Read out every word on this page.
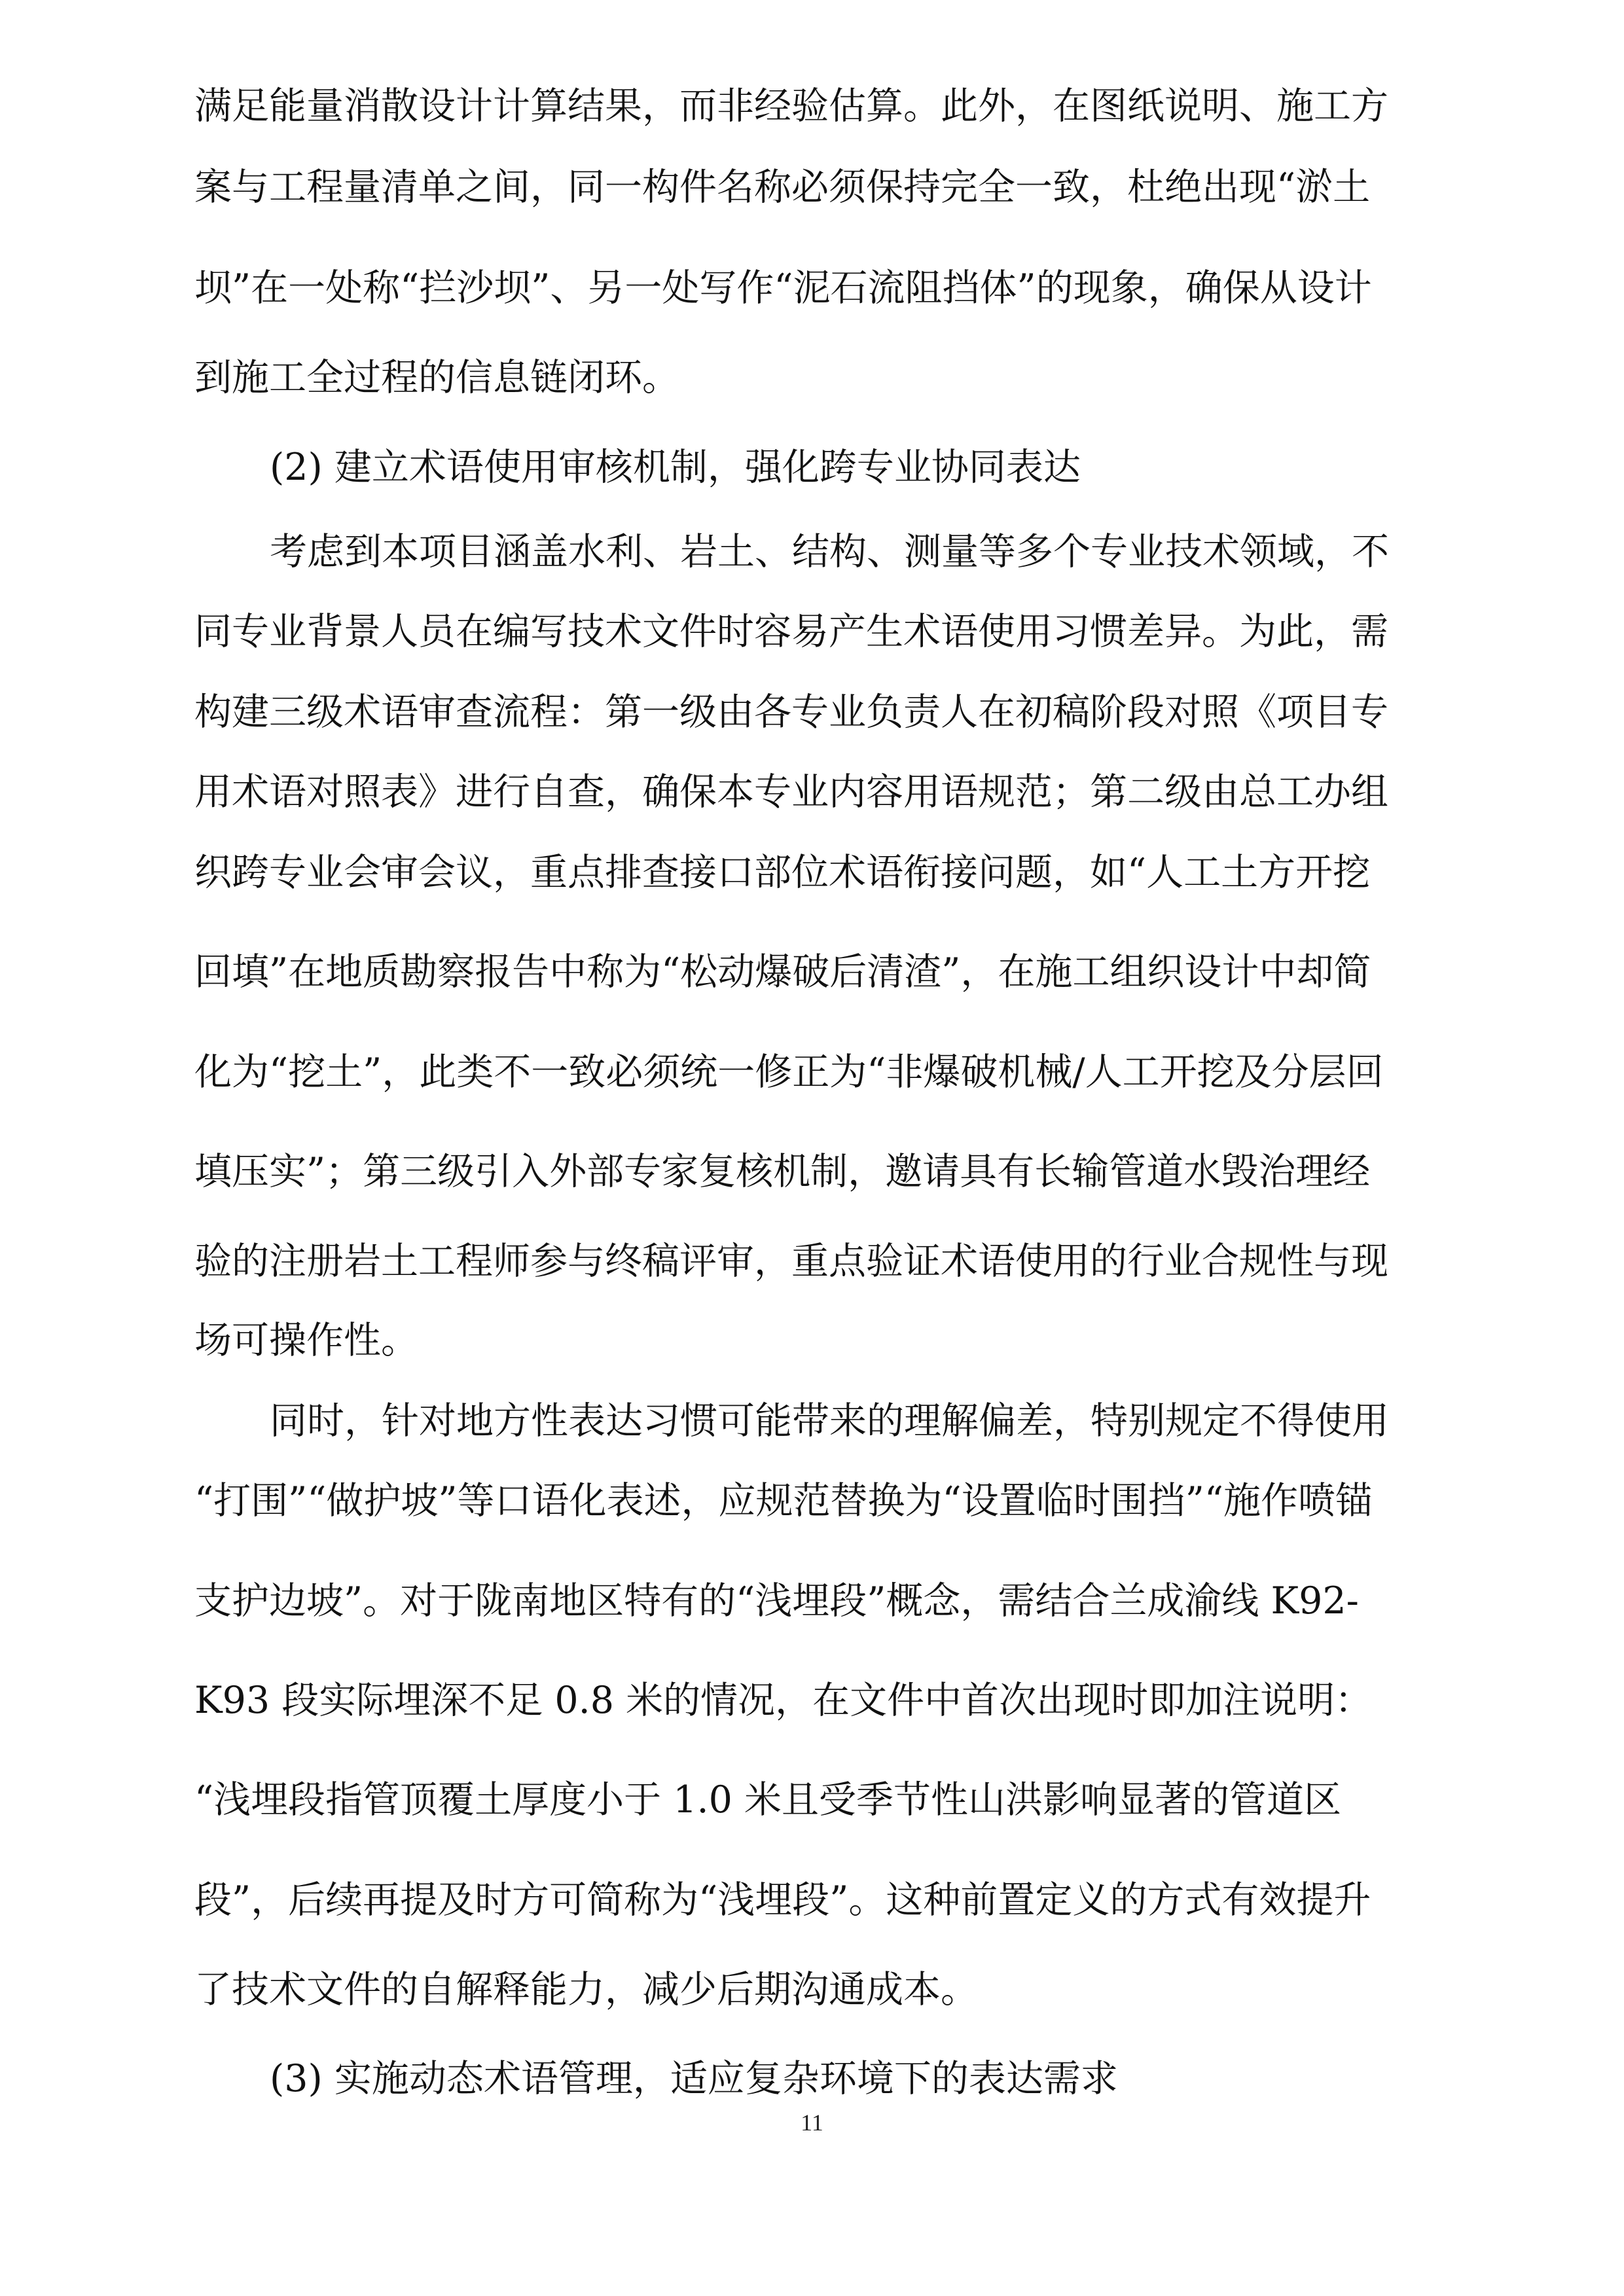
满足能量消散设计计算结果，而非经验估算。此外，在图纸说明、施工方

案与工程量清单之间，同一构件名称必须保持完全一致，杜绝出现“淤土

坝”在一处称“拦沙坝”、另一处写作“泥石流阻挡体”的现象，确保从设计

到施工全过程的信息链闭环。

(2) 建立术语使用审核机制，强化跨专业协同表达

考虑到本项目涵盖水利、岩土、结构、测量等多个专业技术领域，不

同专业背景人员在编写技术文件时容易产生术语使用习惯差异。为此，需

构建三级术语审查流程：第一级由各专业负责人在初稿阶段对照《项目专

用术语对照表》进行自查，确保本专业内容用语规范；第二级由总工办组

织跨专业会审会议，重点排查接口部位术语衔接问题，如“人工土方开挖

回填”在地质勘察报告中称为“松动爆破后清渣”，在施工组织设计中却简

化为“挖土”，此类不一致必须统一修正为“非爆破机械/人工开挖及分层回

填压实”；第三级引入外部专家复核机制，邀请具有长输管道水毁治理经

验的注册岩土工程师参与终稿评审，重点验证术语使用的行业合规性与现

场可操作性。

同时，针对地方性表达习惯可能带来的理解偏差，特别规定不得使用

“打围”“做护坡”等口语化表述，应规范替换为“设置临时围挡”“施作喷锚

支护边坡”。对于陇南地区特有的“浅埋段”概念，需结合兰成渝线 K92-

K93 段实际埋深不足 0.8 米的情况，在文件中首次出现时即加注说明：

“浅埋段指管顶覆土厚度小于 1.0 米且受季节性山洪影响显著的管道区

段”，后续再提及时方可简称为“浅埋段”。这种前置定义的方式有效提升

了技术文件的自解释能力，减少后期沟通成本。

(3) 实施动态术语管理，适应复杂环境下的表达需求

11
